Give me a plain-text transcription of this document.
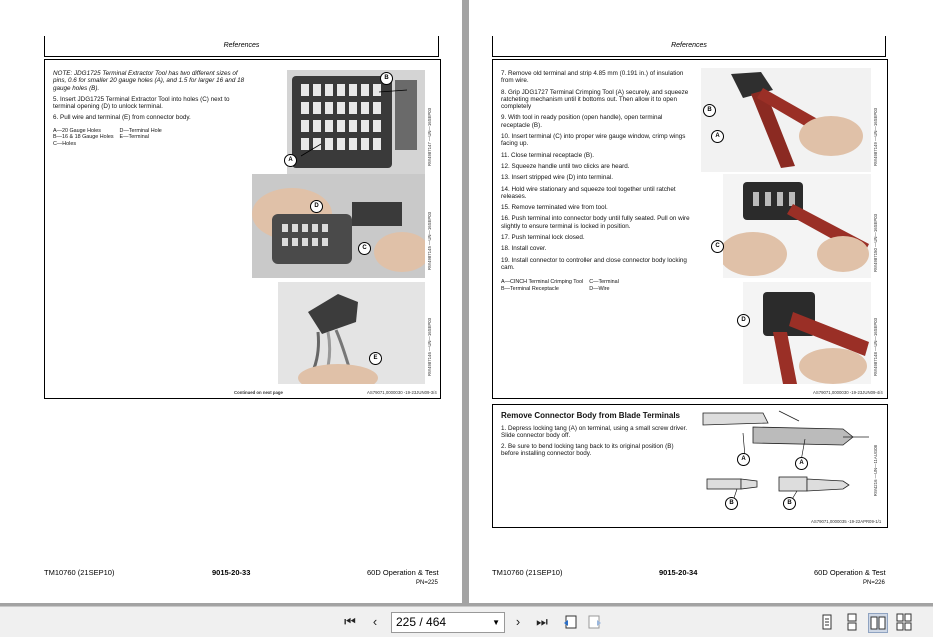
References

NOTE: JDG1725 Terminal Extractor Tool has two different sizes of pins, 0.6 for smaller 20 gauge holes (A), and 1.5 for larger 16 and 18 gauge holes (B).

5. Insert JDG1725 Terminal Extractor Tool into holes (C) next to terminal opening (D) to unlock terminal.

6. Pull wire and terminal (E) from connector body.

A—20 Gauge Holes	D—Terminal Hole
B—16 & 18 Gauge Holes	E—Terminal
C—Holes	
B
A	RW4987147 —UN—16SEP03
D
C	RW4987145 —UN—16SEP03
E	RW4987146 —UN—16SEP03
Continued on next page	AS79071,0000030 -19-23JUN09-3/4
TM10760 (21SEP10)	9015-20-33	60D Operation & Test
PN=225
References

7. Remove old terminal and strip 4.85 mm (0.191 in.) of insulation from wire.

8. Grip JDG1727 Terminal Crimping Tool (A) securely, and squeeze ratcheting mechanism until it bottoms out. Then allow it to open completely

9. With tool in ready position (open handle), open terminal receptacle (B).

10. Insert terminal (C) into proper wire gauge window, crimp wings facing up.

11. Close terminal receptacle (B).

12. Squeeze handle until two clicks are heard.

13. Insert stripped wire (D) into terminal.

14. Hold wire stationary and squeeze tool together until ratchet releases.

15. Remove terminated wire from tool.

16. Push terminal into connector body until fully seated. Pull on wire slightly to ensure terminal is locked in position.

17. Push terminal lock closed.

18. Install cover.

19. Install connector to controller and close connector body locking cam.

A—CINCH Terminal Crimping Tool	C—Terminal
B—Terminal Receptacle	D—Wire
B
A	RW4987149 —UN—16SEP03
C	RW4987150 —UN—16SEP03
D	RW4987148 —UN—16SEP03
AS79071,0000030 -19-23JUN09-4/4
Remove Connector Body from Blade Terminals

1. Depress locking tang (A) on terminal, using a small screw driver. Slide connector body off.

2. Be sure to bend locking tang back to its original position (B) before installing connector body.

A
A
B	B
RW4216 —UN—11AUG08
AS79071,0000035 -19-22APR09-1/1
TM10760 (21SEP10)	9015-20-34	60D Operation & Test
PN=226
⏮	‹	225 / 464	▼	›	⏭
